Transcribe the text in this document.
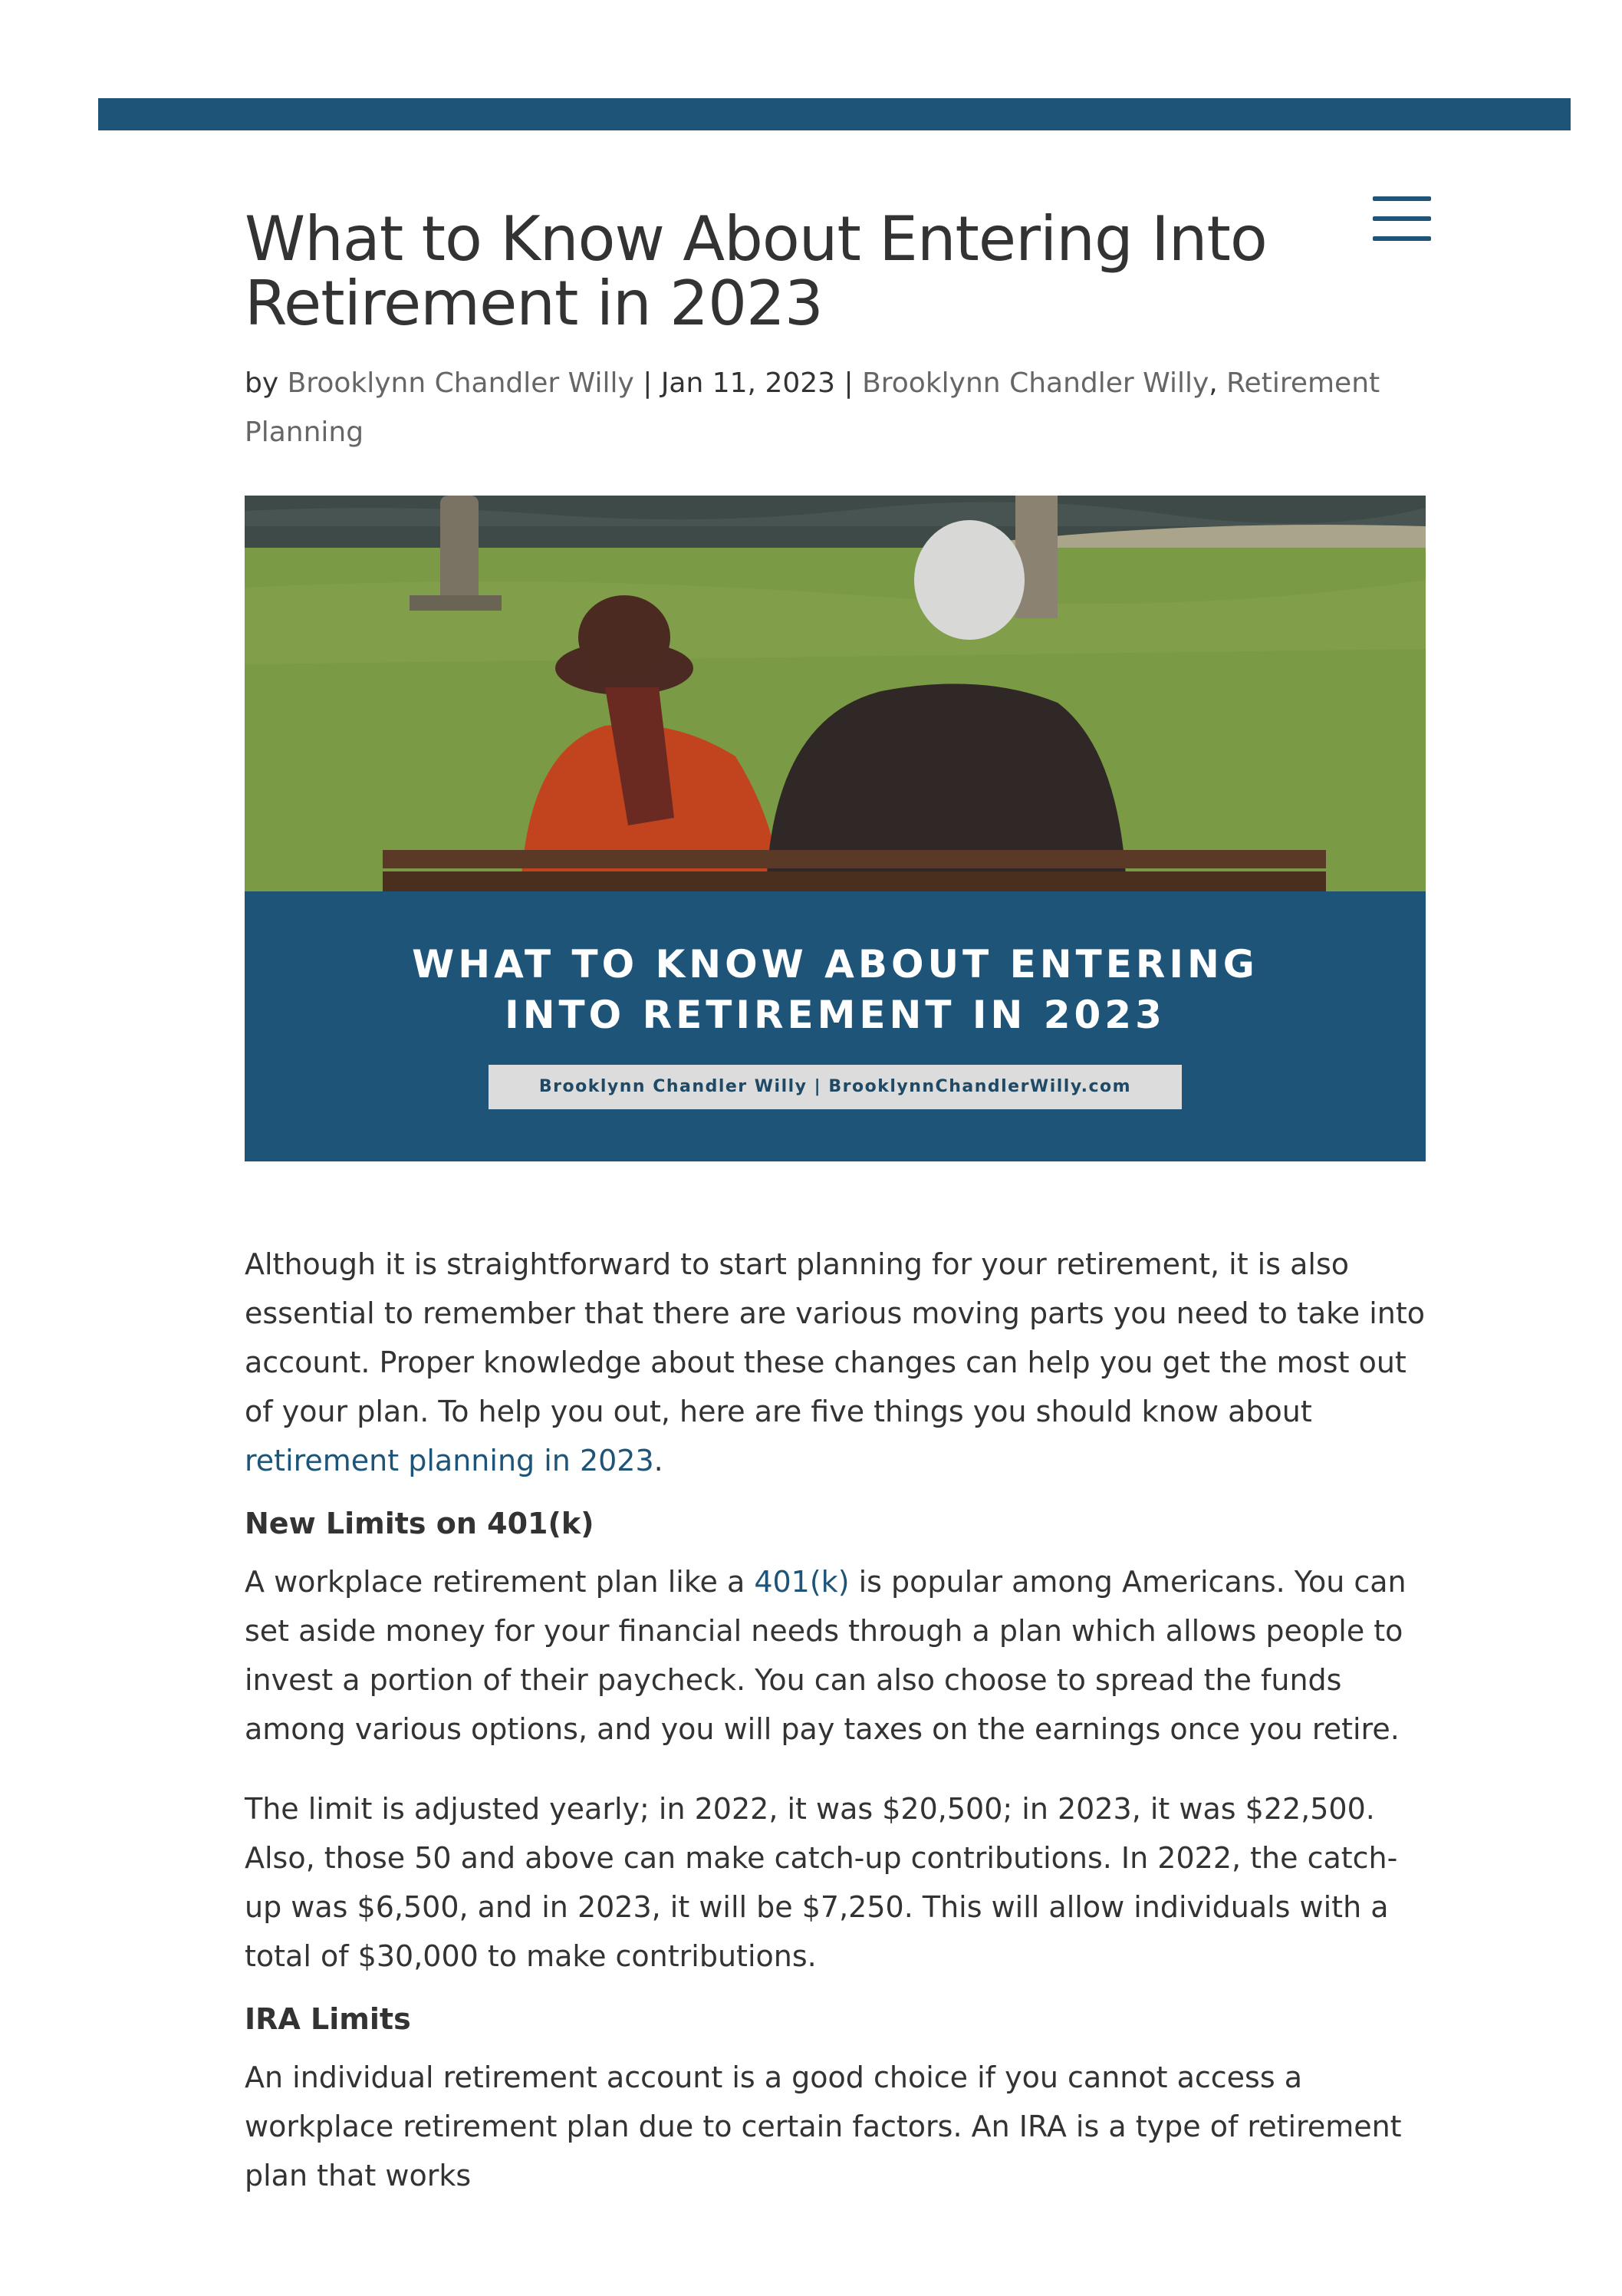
What to Know About Entering Into Retirement in 2023
by Brooklynn Chandler Willy | Jan 11, 2023 | Brooklynn Chandler Willy, Retirement Planning
WHAT TO KNOW ABOUT ENTERING
INTO RETIREMENT IN 2023
Brooklynn Chandler Willy | BrooklynnChandlerWilly.com

Although it is straightforward to start planning for your retirement, it is also essential to remember that there are various moving parts you need to take into account. Proper knowledge about these changes can help you get the most out of your plan. To help you out, here are five things you should know about retirement planning in 2023.

New Limits on 401(k)

A workplace retirement plan like a 401(k) is popular among Americans. You can set aside money for your financial needs through a plan which allows people to invest a portion of their paycheck. You can also choose to spread the funds among various options, and you will pay taxes on the earnings once you retire.

The limit is adjusted yearly; in 2022, it was $20,500; in 2023, it was $22,500. Also, those 50 and above can make catch-up contributions. In 2022, the catch-up was $6,500, and in 2023, it will be $7,250. This will allow individuals with a total of $30,000 to make contributions.

IRA Limits

An individual retirement account is a good choice if you cannot access a workplace retirement plan due to certain factors. An IRA is a type of retirement plan that works
